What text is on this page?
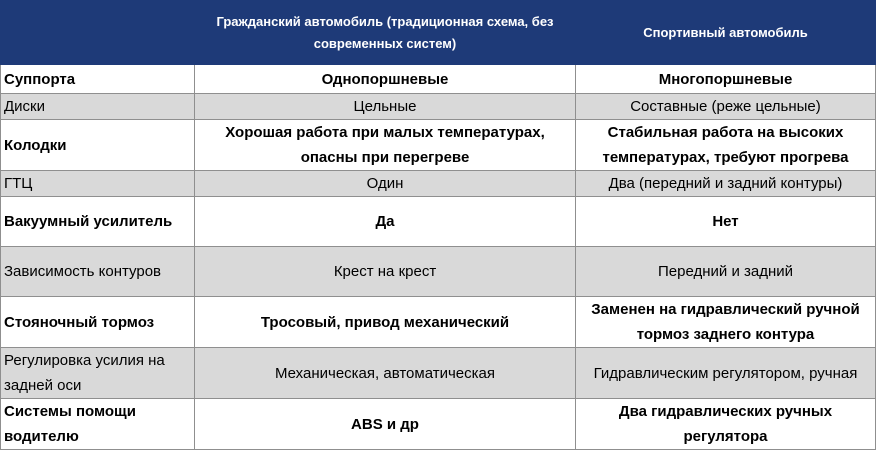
	Гражданский автомобиль (традиционная схема, без современных систем)	Спортивный автомобиль
Суппорта	Однопоршневые	Многопоршневые
Диски	Цельные	Составные (реже цельные)
Колодки	Хорошая работа при малых температурах, опасны при перегреве	Стабильная работа на высоких температурах, требуют прогрева
ГТЦ	Один	Два (передний и задний контуры)
Вакуумный усилитель	Да	Нет
Зависимость контуров	Крест на крест	Передний и задний
Стояночный тормоз	Тросовый, привод механический	Заменен на гидравлический ручной тормоз заднего контура
Регулировка усилия на задней оси	Механическая, автоматическая	Гидравлическим регулятором, ручная
Системы помощи водителю	ABS и др	Два гидравлических ручных регулятора
